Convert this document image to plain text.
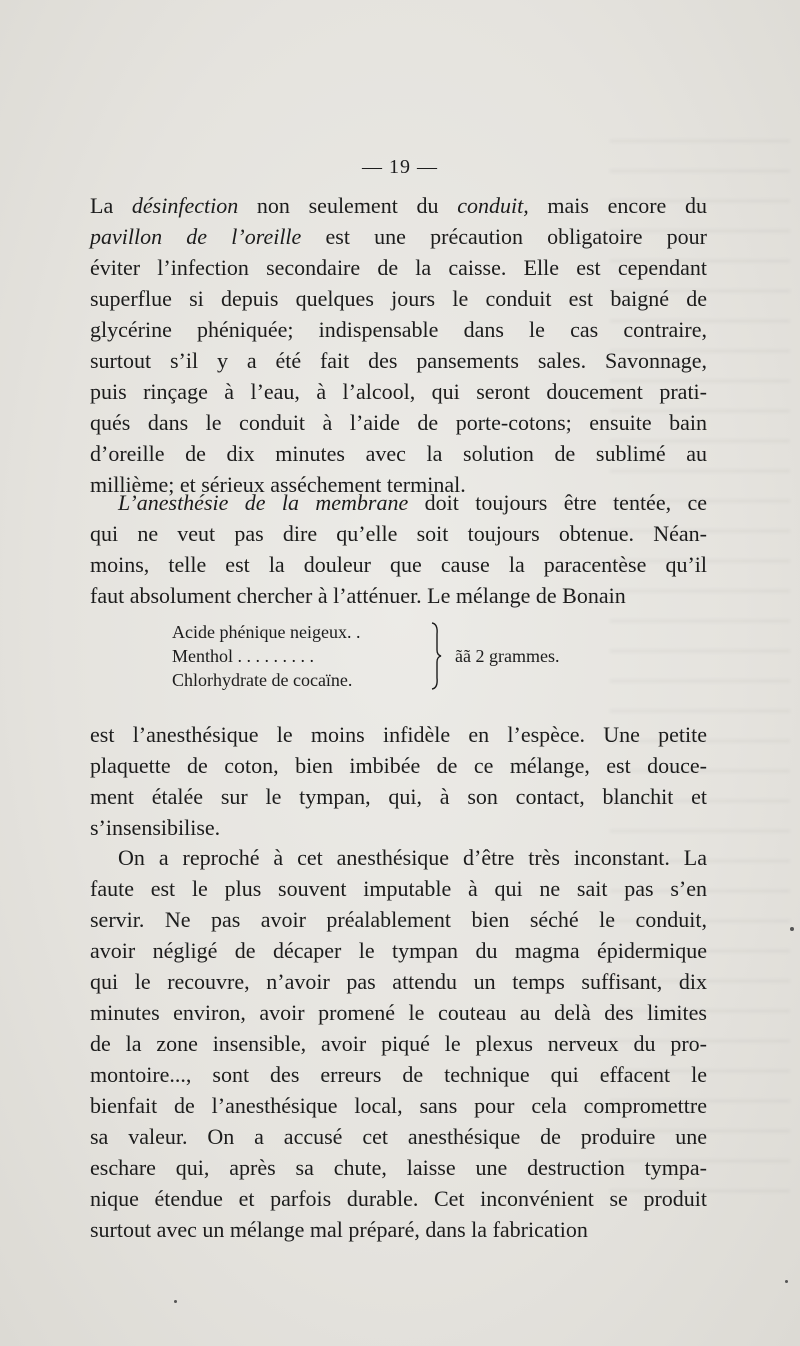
— 19 —
La désinfection non seulement du conduit, mais encore du
pavillon de l’oreille est une précaution obligatoire pour
éviter l’infection secondaire de la caisse. Elle est cependant
superflue si depuis quelques jours le conduit est baigné de
glycérine phéniquée; indispensable dans le cas contraire,
surtout s’il y a été fait des pansements sales. Savonnage,
puis rinçage à l’eau, à l’alcool, qui seront doucement prati-
qués dans le conduit à l’aide de porte-cotons; ensuite bain
d’oreille de dix minutes avec la solution de sublimé au
millième; et sérieux asséchement terminal.
L’anesthésie de la membrane doit toujours être tentée, ce
qui ne veut pas dire qu’elle soit toujours obtenue. Néan-
moins, telle est la douleur que cause la paracentèse qu’il
faut absolument chercher à l’atténuer. Le mélange de Bonain
Acide phénique neigeux. .
Menthol . . . . . . . . .
Chlorhydrate de cocaïne.
ãã 2 grammes.
est l’anesthésique le moins infidèle en l’espèce. Une petite
plaquette de coton, bien imbibée de ce mélange, est douce-
ment étalée sur le tympan, qui, à son contact, blanchit et
s’insensibilise.
On a reproché à cet anesthésique d’être très inconstant. La
faute est le plus souvent imputable à qui ne sait pas s’en
servir. Ne pas avoir préalablement bien séché le conduit,
avoir négligé de décaper le tympan du magma épidermique
qui le recouvre, n’avoir pas attendu un temps suffisant, dix
minutes environ, avoir promené le couteau au delà des limites
de la zone insensible, avoir piqué le plexus nerveux du pro-
montoire..., sont des erreurs de technique qui effacent le
bienfait de l’anesthésique local, sans pour cela compromettre
sa valeur. On a accusé cet anesthésique de produire une
eschare qui, après sa chute, laisse une destruction tympa-
nique étendue et parfois durable. Cet inconvénient se produit
surtout avec un mélange mal préparé, dans la fabrication
